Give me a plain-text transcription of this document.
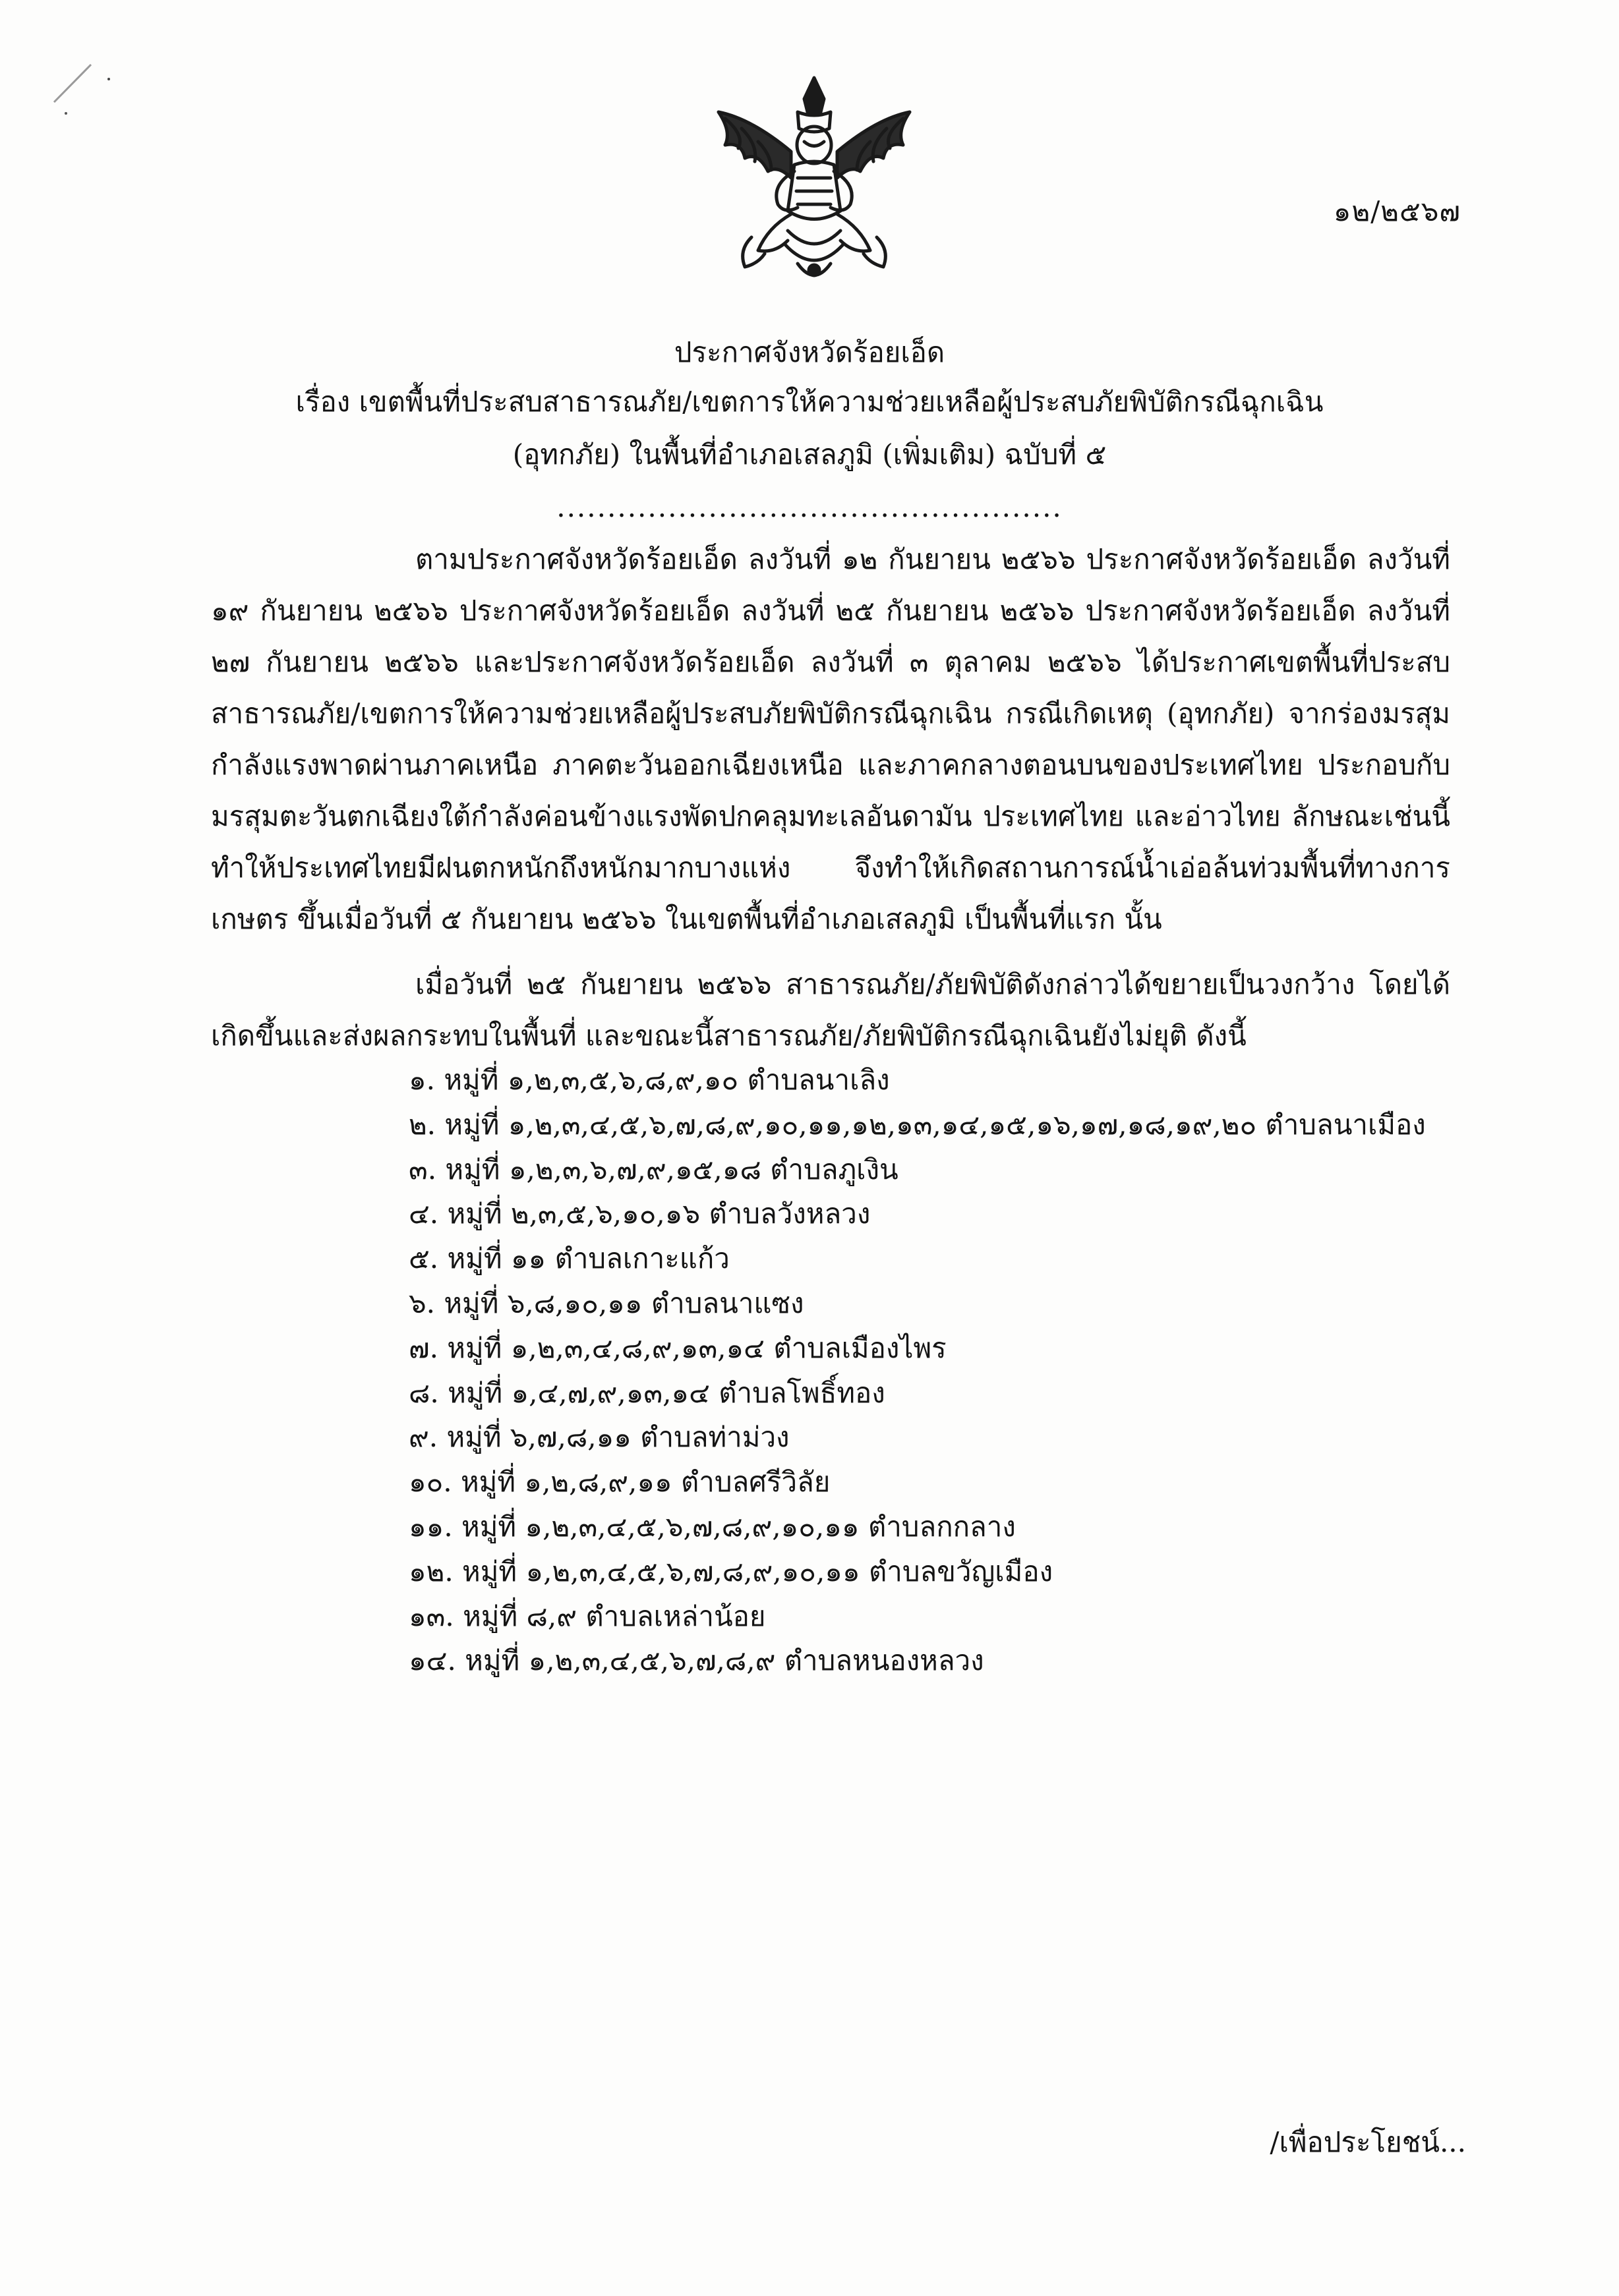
๑๒/๒๕๖๗
ประกาศจังหวัดร้อยเอ็ด
เรื่อง เขตพื้นที่ประสบสาธารณภัย/เขตการให้ความช่วยเหลือผู้ประสบภัยพิบัติกรณีฉุกเฉิน
(อุทกภัย) ในพื้นที่อำเภอเสลภูมิ (เพิ่มเติม) ฉบับที่ ๕
..................................................
ตามประกาศจังหวัดร้อยเอ็ด ลงวันที่ ๑๒ กันยายน ๒๕๖๖ ประกาศจังหวัดร้อยเอ็ด ลงวันที่ ๑๙ กันยายน ๒๕๖๖ ประกาศจังหวัดร้อยเอ็ด ลงวันที่ ๒๕ กันยายน ๒๕๖๖ ประกาศจังหวัดร้อยเอ็ด ลงวันที่ ๒๗ กันยายน ๒๕๖๖ และประกาศจังหวัดร้อยเอ็ด ลงวันที่ ๓ ตุลาคม ๒๕๖๖ ได้ประกาศเขตพื้นที่ประสบสาธารณภัย/เขตการให้ความช่วยเหลือผู้ประสบภัยพิบัติกรณีฉุกเฉิน กรณีเกิดเหตุ (อุทกภัย) จากร่องมรสุมกำลังแรงพาดผ่านภาคเหนือ ภาคตะวันออกเฉียงเหนือ และภาคกลางตอนบนของประเทศไทย ประกอบกับมรสุมตะวันตกเฉียงใต้กำลังค่อนข้างแรงพัดปกคลุมทะเลอันดามัน ประเทศไทย และอ่าวไทย ลักษณะเช่นนี้ทำให้ประเทศไทยมีฝนตกหนักถึงหนักมากบางแห่ง จึงทำให้เกิดสถานการณ์น้ำเอ่อล้นท่วมพื้นที่ทางการเกษตร ขึ้นเมื่อวันที่ ๕ กันยายน ๒๕๖๖ ในเขตพื้นที่อำเภอเสลภูมิ เป็นพื้นที่แรก นั้น
เมื่อวันที่ ๒๕ กันยายน ๒๕๖๖ สาธารณภัย/ภัยพิบัติดังกล่าวได้ขยายเป็นวงกว้าง โดยได้เกิดขึ้นและส่งผลกระทบในพื้นที่ และขณะนี้สาธารณภัย/ภัยพิบัติกรณีฉุกเฉินยังไม่ยุติ ดังนี้
๑. หมู่ที่ ๑,๒,๓,๕,๖,๘,๙,๑๐ ตำบลนาเลิง
๒. หมู่ที่ ๑,๒,๓,๔,๕,๖,๗,๘,๙,๑๐,๑๑,๑๒,๑๓,๑๔,๑๕,๑๖,๑๗,๑๘,๑๙,๒๐ ตำบลนาเมือง
๓. หมู่ที่ ๑,๒,๓,๖,๗,๙,๑๕,๑๘ ตำบลภูเงิน
๔. หมู่ที่ ๒,๓,๕,๖,๑๐,๑๖ ตำบลวังหลวง
๕. หมู่ที่ ๑๑ ตำบลเกาะแก้ว
๖. หมู่ที่ ๖,๘,๑๐,๑๑ ตำบลนาแซง
๗. หมู่ที่ ๑,๒,๓,๔,๘,๙,๑๓,๑๔ ตำบลเมืองไพร
๘. หมู่ที่ ๑,๔,๗,๙,๑๓,๑๔ ตำบลโพธิ์ทอง
๙. หมู่ที่ ๖,๗,๘,๑๑ ตำบลท่าม่วง
๑๐. หมู่ที่ ๑,๒,๘,๙,๑๑ ตำบลศรีวิลัย
๑๑. หมู่ที่ ๑,๒,๓,๔,๕,๖,๗,๘,๙,๑๐,๑๑ ตำบลกกลาง
๑๒. หมู่ที่ ๑,๒,๓,๔,๕,๖,๗,๘,๙,๑๐,๑๑ ตำบลขวัญเมือง
๑๓. หมู่ที่ ๘,๙ ตำบลเหล่าน้อย
๑๔. หมู่ที่ ๑,๒,๓,๔,๕,๖,๗,๘,๙ ตำบลหนองหลวง
/เพื่อประโยชน์...
